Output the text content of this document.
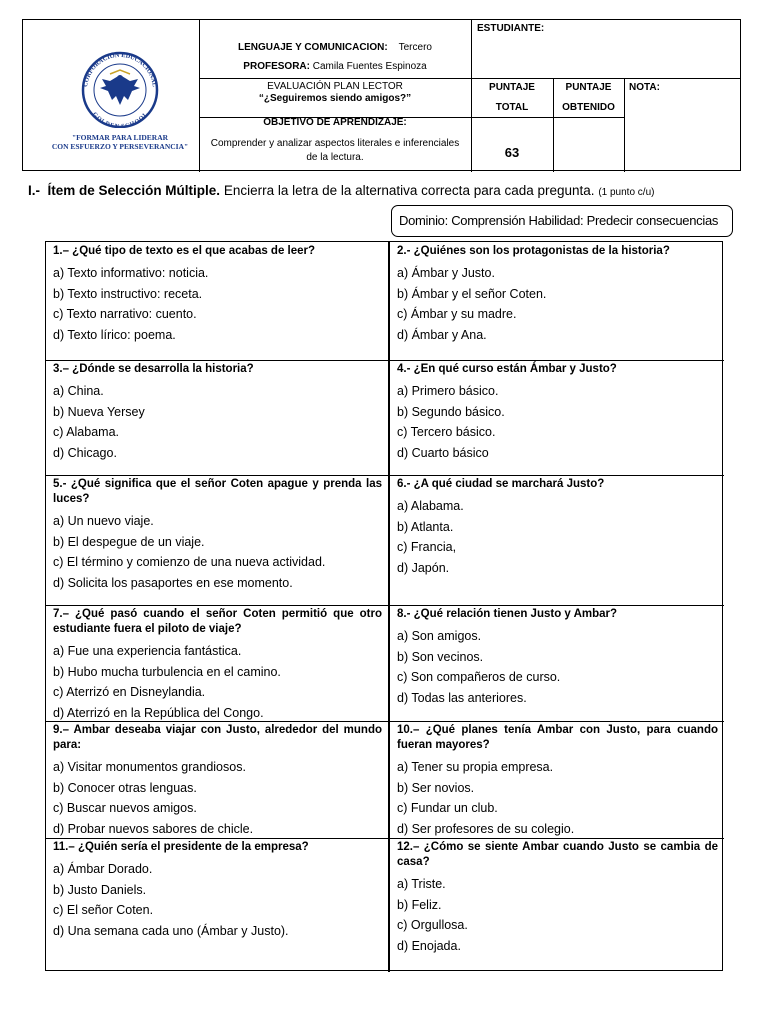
LENGUAJE Y COMUNICACION: Tercero
PROFESORA: Camila Fuentes Espinoza
EVALUACIÓN PLAN LECTOR
“¿Seguiremos siendo amigos?”
OBJETIVO DE APRENDIZAJE:
Comprender y analizar aspectos literales e inferenciales
de la lectura.
ESTUDIANTE:
PUNTAJE
TOTAL
PUNTAJE
OBTENIDO
NOTA:
63
CORPORACIÓN EDUCACIONAL
GOLDEN SCHOOL
"FORMAR PARA LIDERAR
CON ESFUERZO Y PERSEVERANCIA"
I.- Ítem de Selección Múltiple. Encierra la letra de la alternativa correcta para cada pregunta. (1 punto c/u)
Dominio: Comprensión Habilidad: Predecir consecuencias
1.– ¿Qué tipo de texto es el que acabas de leer?
a) Texto informativo: noticia.
b) Texto instructivo: receta.
c) Texto narrativo: cuento.
d) Texto lírico: poema.
2.- ¿Quiénes son los protagonistas de la historia?
a) Ámbar y Justo.
b) Ámbar y el señor Coten.
c) Ámbar y su madre.
d) Ámbar y Ana.
3.– ¿Dónde se desarrolla la historia?
a) China.
b) Nueva Yersey
c) Alabama.
d) Chicago.
4.- ¿En qué curso están Ámbar y Justo?
a) Primero básico.
b) Segundo básico.
c) Tercero básico.
d) Cuarto básico
5.- ¿Qué significa que el señor Coten apague y prenda las luces?
a) Un nuevo viaje.
b) El despegue de un viaje.
c) El término y comienzo de una nueva actividad.
d) Solicita los pasaportes en ese momento.
6.- ¿A qué ciudad se marchará Justo?
a) Alabama.
b) Atlanta.
c) Francia,
d) Japón.
7.– ¿Qué pasó cuando el señor Coten permitió que otro estudiante fuera el piloto de viaje?
a) Fue una experiencia fantástica.
b) Hubo mucha turbulencia en el camino.
c) Aterrizó en Disneylandia.
d) Aterrizó en la República del Congo.
8.- ¿Qué relación tienen Justo y Ambar?
a) Son amigos.
b) Son vecinos.
c) Son compañeros de curso.
d) Todas las anteriores.
9.– Ambar deseaba viajar con Justo, alrededor del mundo para:
a) Visitar monumentos grandiosos.
b) Conocer otras lenguas.
c) Buscar nuevos amigos.
d) Probar nuevos sabores de chicle.
10.– ¿Qué planes tenía Ambar con Justo, para cuando fueran mayores?
a) Tener su propia empresa.
b) Ser novios.
c) Fundar un club.
d) Ser profesores de su colegio.
11.– ¿Quién sería el presidente de la empresa?
a) Ámbar Dorado.
b) Justo Daniels.
c) El señor Coten.
d) Una semana cada uno (Ámbar y Justo).
12.– ¿Cómo se siente Ambar cuando Justo se cambia de casa?
a) Triste.
b) Feliz.
c) Orgullosa.
d) Enojada.
